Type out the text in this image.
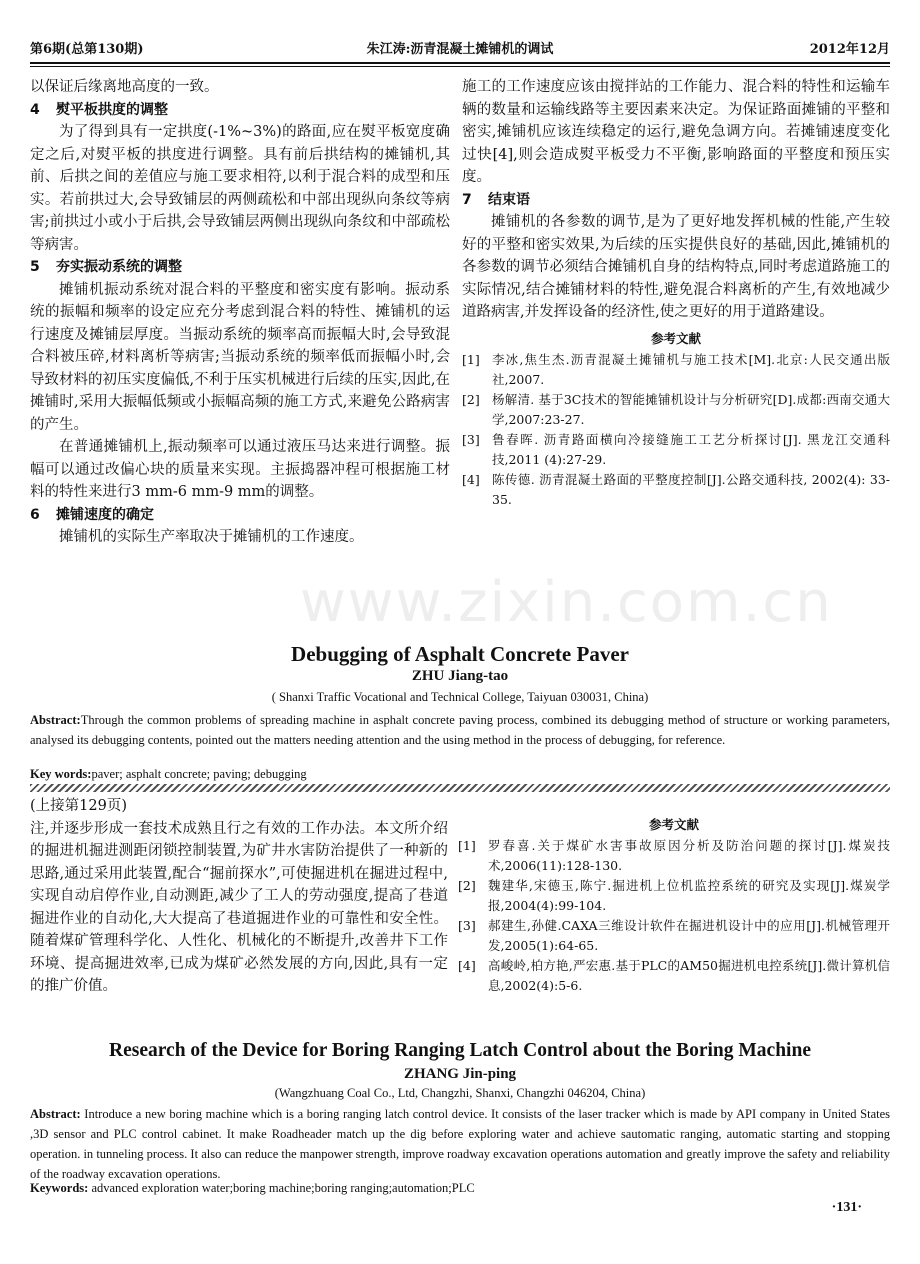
第6期(总第130期)	朱江涛:沥青混凝土摊铺机的调试	2012年12月
www.zixin.com.cn

以保证后缘离地高度的一致。

4 熨平板拱度的调整

为了得到具有一定拱度(-1%~3%)的路面,应在熨平板宽度确定之后,对熨平板的拱度进行调整。具有前后拱结构的摊铺机,其前、后拱之间的差值应与施工要求相符,以利于混合料的成型和压实。若前拱过大,会导致铺层的两侧疏松和中部出现纵向条纹等病害;前拱过小或小于后拱,会导致铺层两侧出现纵向条纹和中部疏松等病害。

5 夯实振动系统的调整

摊铺机振动系统对混合料的平整度和密实度有影响。振动系统的振幅和频率的设定应充分考虑到混合料的特性、摊铺机的运行速度及摊铺层厚度。当振动系统的频率高而振幅大时,会导致混合料被压碎,材料离析等病害;当振动系统的频率低而振幅小时,会导致材料的初压实度偏低,不利于压实机械进行后续的压实,因此,在摊铺时,采用大振幅低频或小振幅高频的施工方式,来避免公路病害的产生。

在普通摊铺机上,振动频率可以通过液压马达来进行调整。振幅可以通过改偏心块的质量来实现。主振捣器冲程可根据施工材料的特性来进行3 mm-6 mm-9 mm的调整。

6 摊铺速度的确定

摊铺机的实际生产率取决于摊铺机的工作速度。

施工的工作速度应该由搅拌站的工作能力、混合料的特性和运输车辆的数量和运输线路等主要因素来决定。为保证路面摊铺的平整和密实,摊铺机应该连续稳定的运行,避免急调方向。若摊铺速度变化过快[4],则会造成熨平板受力不平衡,影响路面的平整度和预压实度。

7 结束语

摊铺机的各参数的调节,是为了更好地发挥机械的性能,产生较好的平整和密实效果,为后续的压实提供良好的基础,因此,摊铺机的各参数的调节必须结合摊铺机自身的结构特点,同时考虑道路施工的实际情况,结合摊铺材料的特性,避免混合料离析的产生,有效地减少道路病害,并发挥设备的经济性,使之更好的用于道路建设。

参考文献
[1] 李冰,焦生杰.沥青混凝土摊铺机与施工技术[M].北京:人民交通出版社,2007.
[2] 杨解清. 基于3C技术的智能摊铺机设计与分析研究[D].成都:西南交通大学,2007:23-27.
[3] 鲁春晖. 沥青路面横向冷接缝施工工艺分析探讨[J]. 黑龙江交通科技,2011 (4):27-29.
[4] 陈传德. 沥青混凝土路面的平整度控制[J].公路交通科技, 2002(4): 33-35.
Debugging of Asphalt Concrete Paver
ZHU Jiang-tao
( Shanxi Traffic Vocational and Technical College, Taiyuan 030031, China)
Abstract:Through the common problems of spreading machine in asphalt concrete paving process, combined its debugging method of structure or working parameters, analysed its debugging contents, pointed out the matters needing attention and the using method in the process of debugging, for reference.
Key words:paver; asphalt concrete; paving; debugging

(上接第129页)

注,并逐步形成一套技术成熟且行之有效的工作办法。本文所介绍的掘进机掘进测距闭锁控制装置,为矿井水害防治提供了一种新的思路,通过采用此装置,配合“掘前探水”,可使掘进机在掘进过程中,实现自动启停作业,自动测距,减少了工人的劳动强度,提高了巷道掘进作业的自动化,大大提高了巷道掘进作业的可靠性和安全性。随着煤矿管理科学化、人性化、机械化的不断提升,改善井下工作环境、提高掘进效率,已成为煤矿必然发展的方向,因此,具有一定的推广价值。

参考文献
[1] 罗春喜.关于煤矿水害事故原因分析及防治问题的探讨[J].煤炭技术,2006(11):128-130.
[2] 魏建华,宋德玉,陈宁.掘进机上位机监控系统的研究及实现[J].煤炭学报,2004(4):99-104.
[3] 郝建生,孙健.CAXA三维设计软件在掘进机设计中的应用[J].机械管理开发,2005(1):64-65.
[4] 高峻岭,柏方艳,严宏惠.基于PLC的AM50掘进机电控系统[J].微计算机信息,2002(4):5-6.
Research of the Device for Boring Ranging Latch Control about the Boring Machine
ZHANG Jin-ping
(Wangzhuang Coal Co., Ltd, Changzhi, Shanxi, Changzhi 046204, China)
Abstract: Introduce a new boring machine which is a boring ranging latch control device. It consists of the laser tracker which is made by API company in United States ,3D sensor and PLC control cabinet. It make Roadheader match up the dig before exploring water and achieve sautomatic ranging, automatic starting and stopping operation. in tunneling process. It also can reduce the manpower strength, improve roadway excavation operations automation and greatly improve the safety and reliability of the roadway excavation operations.
Keywords: advanced exploration water;boring machine;boring ranging;automation;PLC
·131·
